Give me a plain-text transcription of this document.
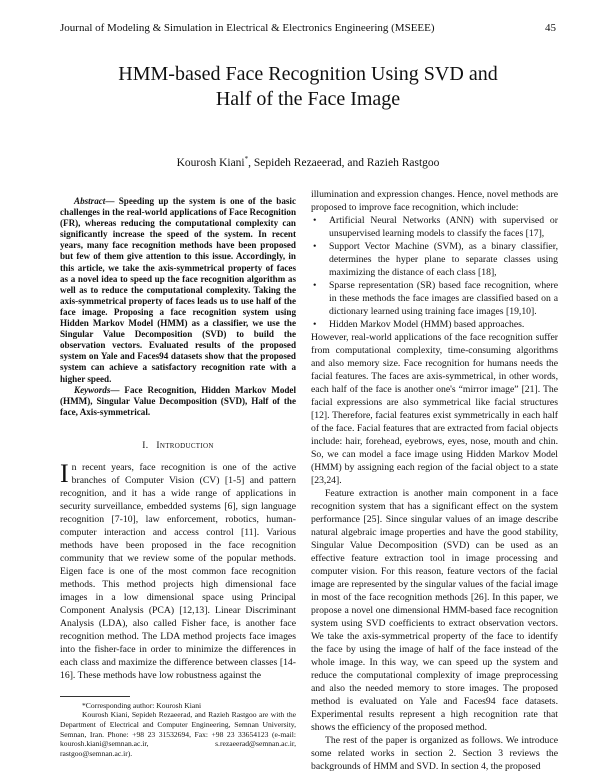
Journal of Modeling & Simulation in Electrical & Electronics Engineering (MSEEE)	45
HMM-based Face Recognition Using SVD and
Half of the Face Image
Kourosh Kiani*, Sepideh Rezaeerad, and Razieh Rastgoo

Abstract— Speeding up the system is one of the basic challenges in the real-world applications of Face Recognition (FR), whereas reducing the computational complexity can significantly increase the speed of the system. In recent years, many face recognition methods have been proposed but few of them give attention to this issue. Accordingly, in this article, we take the axis-symmetrical property of faces as a novel idea to speed up the face recognition algorithm as well as to reduce the computational complexity. Taking the axis-symmetrical property of faces leads us to use half of the face image. Proposing a face recognition system using Hidden Markov Model (HMM) as a classifier, we use the Singular Value Decomposition (SVD) to build the observation vectors. Evaluated results of the proposed system on Yale and Faces94 datasets show that the proposed system can achieve a satisfactory recognition rate with a higher speed.

Keywords— Face Recognition, Hidden Markov Model (HMM), Singular Value Decomposition (SVD), Half of the face, Axis-symmetrical.

I. Introduction

In recent years, face recognition is one of the active branches of Computer Vision (CV) [1-5] and pattern recognition, and it has a wide range of applications in security surveillance, embedded systems [6], sign language recognition [7-10], law enforcement, robotics, human-computer interaction and access control [11]. Various methods have been proposed in the face recognition community that we review some of the popular methods. Eigen face is one of the most common face recognition methods. This method projects high dimensional face images in a low dimensional space using Principal Component Analysis (PCA) [12,13]. Linear Discriminant Analysis (LDA), also called Fisher face, is another face recognition method. The LDA method projects face images into the fisher-face in order to minimize the differences in each class and maximize the difference between classes [14-16]. These methods have low robustness against the

*Corresponding author: Kourosh Kiani

Kourosh Kiani, Sepideh Rezaeerad, and Razieh Rastgoo are with the Department of Electrical and Computer Engineering, Semnan University, Semnan, Iran. Phone: +98 23 31532694, Fax: +98 23 33654123 (e-mail: kourosh.kiani@semnan.ac.ir, s.rezaeerad@semnan.ac.ir, rastgoo@semnan.ac.ir).

illumination and expression changes. Hence, novel methods are proposed to improve face recognition, which include:

• Artificial Neural Networks (ANN) with supervised or unsupervised learning models to classify the faces [17],
• Support Vector Machine (SVM), as a binary classifier, determines the hyper plane to separate classes using maximizing the distance of each class [18],
• Sparse representation (SR) based face recognition, where in these methods the face images are classified based on a dictionary learned using training face images [19,10].
• Hidden Markov Model (HMM) based approaches.

However, real-world applications of the face recognition suffer from computational complexity, time-consuming algorithms and also memory size. Face recognition for humans needs the facial features. The faces are axis-symmetrical, in other words, each half of the face is another one's “mirror image” [21]. The facial expressions are also symmetrical like facial structures [12]. Therefore, facial features exist symmetrically in each half of the face. Facial features that are extracted from facial objects include: hair, forehead, eyebrows, eyes, nose, mouth and chin. So, we can model a face image using Hidden Markov Model (HMM) by assigning each region of the facial object to a state [23,24].

Feature extraction is another main component in a face recognition system that has a significant effect on the system performance [25]. Since singular values of an image describe natural algebraic image properties and have the good stability, Singular Value Decomposition (SVD) can be used as an effective feature extraction tool in image processing and computer vision. For this reason, feature vectors of the facial image are represented by the singular values of the facial image in most of the face recognition methods [26]. In this paper, we propose a novel one dimensional HMM-based face recognition system using SVD coefficients to extract observation vectors. We take the axis-symmetrical property of the face to identify the face by using the image of half of the face instead of the whole image. In this way, we can speed up the system and reduce the computational complexity of image preprocessing and also the needed memory to store images. The proposed method is evaluated on Yale and Faces94 face datasets. Experimental results represent a high recognition rate that shows the efficiency of the proposed method.

The rest of the paper is organized as follows. We introduce some related works in section 2. Section 3 reviews the backgrounds of HMM and SVD. In section 4, the proposed
